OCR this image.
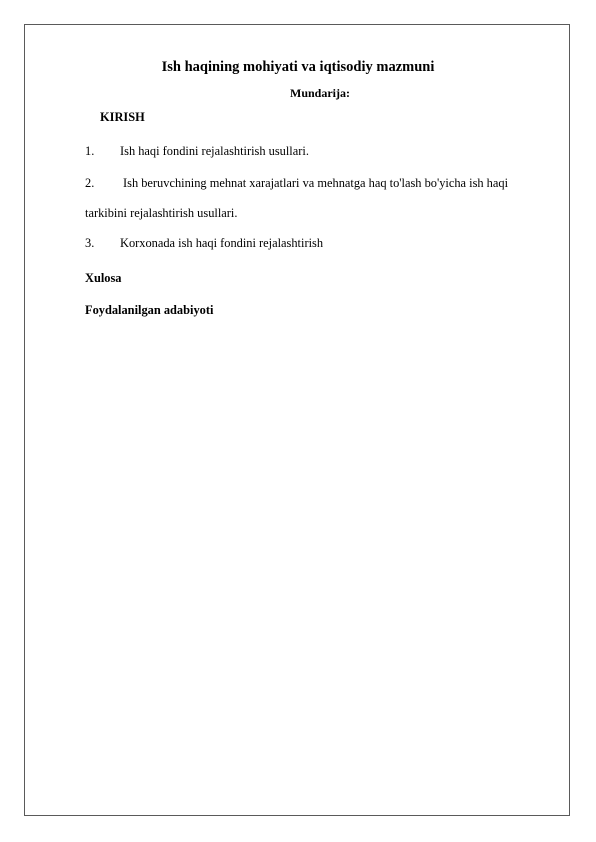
Ish haqining mohiyati va iqtisodiy mazmuni
Mundarija:
KIRISH
1. Ish haqi fondini rejalashtirish usullari.
2. Ish beruvchining mehnat xarajatlari va mehnatga haq to'lash bo'yicha ish haqi
tarkibini rejalashtirish usullari.
3. Korxonada ish haqi fondini rejalashtirish
Xulosa
Foydalanilgan adabiyoti
